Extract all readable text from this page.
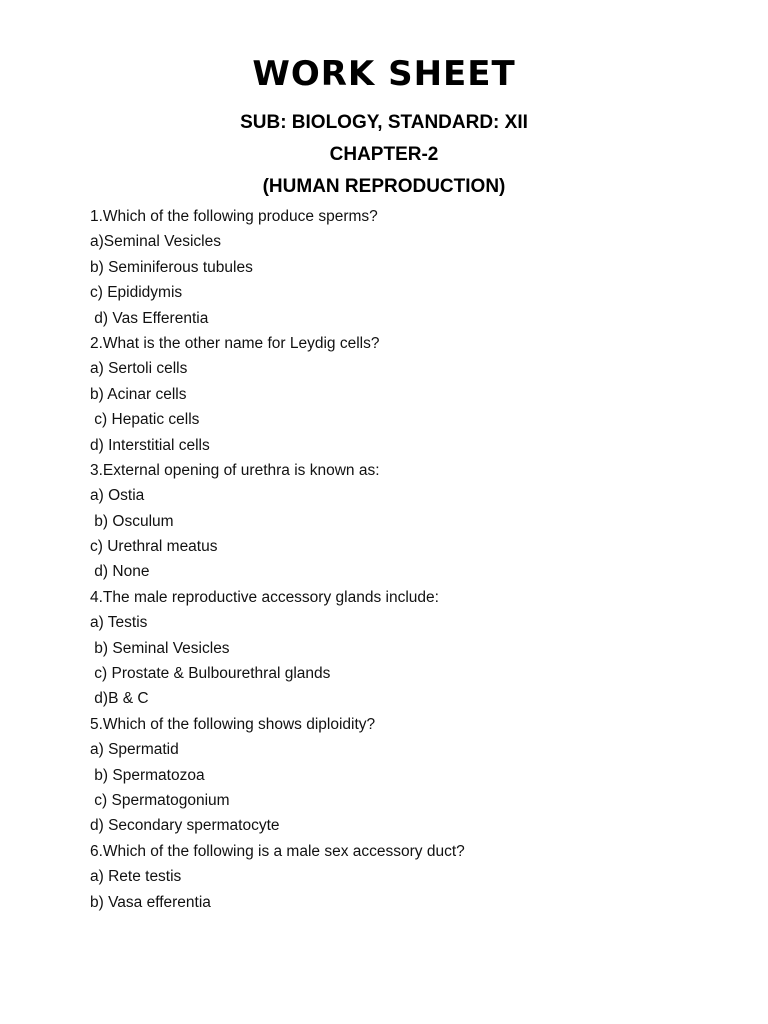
WORK SHEET
SUB: BIOLOGY, STANDARD: XII
CHAPTER-2
(HUMAN REPRODUCTION)
1.Which of the following produce sperms?
a)Seminal Vesicles
b) Seminiferous tubules
c) Epididymis
d) Vas Efferentia
2.What is the other name for Leydig cells?
a) Sertoli cells
b) Acinar cells
c) Hepatic cells
d) Interstitial cells
3.External opening of urethra is known as:
a) Ostia
b) Osculum
c) Urethral meatus
d) None
4.The male reproductive accessory glands include:
a) Testis
b) Seminal Vesicles
c) Prostate & Bulbourethral glands
d)B & C
5.Which of the following shows diploidity?
a) Spermatid
b) Spermatozoa
c) Spermatogonium
d) Secondary spermatocyte
6.Which of the following is a male sex accessory duct?
a) Rete testis
b) Vasa efferentia
